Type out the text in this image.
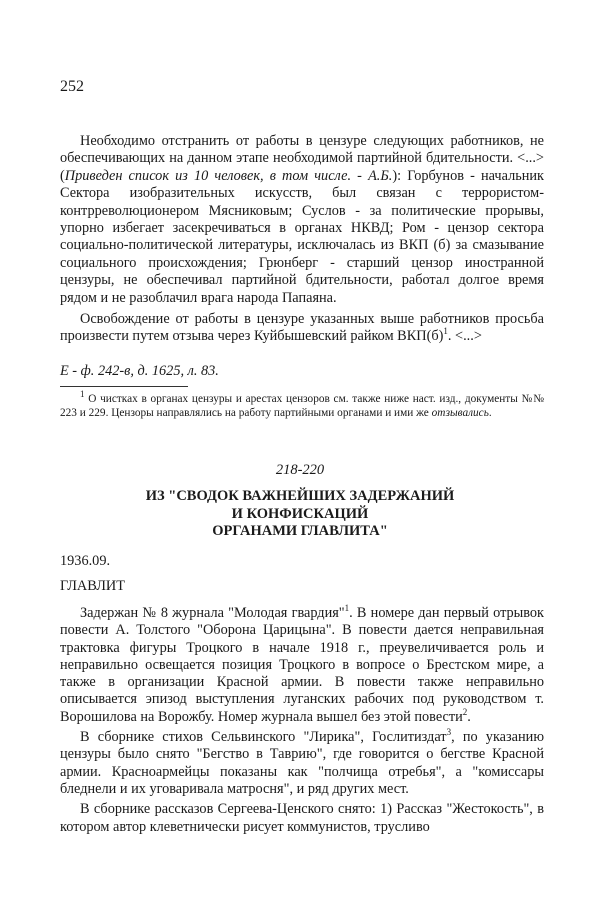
252

Необходимо отстранить от работы в цензуре следующих работников, не обеспечивающих на данном этапе необходимой партийной бдительности. <...> (Приведен список из 10 человек, в том числе. - А.Б.): Горбунов - начальник Сектора изобразительных искусств, был связан с террористом-контрреволюционером Мясниковым; Суслов - за политические прорывы, упорно избегает засекречиваться в органах НКВД; Ром - цензор сектора социально-политической литературы, исключалась из ВКП (б) за смазывание социального происхождения; Грюнберг - старший цензор иностранной цензуры, не обеспечивал партийной бдительности, работал долгое время рядом и не разоблачил врага народа Папаяна.

Освобождение от работы в цензуре указанных выше работников просьба произвести путем отзыва через Куйбышевский райком $ВКП(б)^1$. <...>

Е - ф. 242-в, д. 1625, л. 83.

$^1$ О чистках в органах цензуры и арестах цензоров см. также ниже наст. изд., документы №№ 223 и 229. Цензоры направлялись на работу партийными органами и ими же отзывались.

218-220

ИЗ "СВОДОК ВАЖНЕЙШИХ ЗАДЕРЖАНИЙ
И КОНФИСКАЦИЙ
ОРГАНАМИ ГЛАВЛИТА"

1936.09.

ГЛАВЛИТ

Задержан № 8 журнала "Молодая гвардия"$^1$. В номере дан первый отрывок повести А. Толстого "Оборона Царицына". В повести дается неправильная трактовка фигуры Троцкого в начале 1918 г., преувеличивается роль и неправильно освещается позиция Троцкого в вопросе о Брестском мире, а также в организации Красной армии. В повести также неправильно описывается эпизод выступления луганских рабочих под руководством т. Ворошилова на Ворожбу. Номер журнала вышел без этой повести$^2$.

В сборнике стихов Сельвинского "Лирика", Гослитиздат$^3$, по указанию цензуры было снято "Бегство в Таврию", где говорится о бегстве Красной армии. Красноармейцы показаны как "полчища отребья", а "комиссары бледнели и их уговаривала матросня", и ряд других мест.

В сборнике рассказов Сергеева-Ценского снято: 1) Рассказ "Жестокость", в котором автор клеветнически рисует коммунистов, трусливо
